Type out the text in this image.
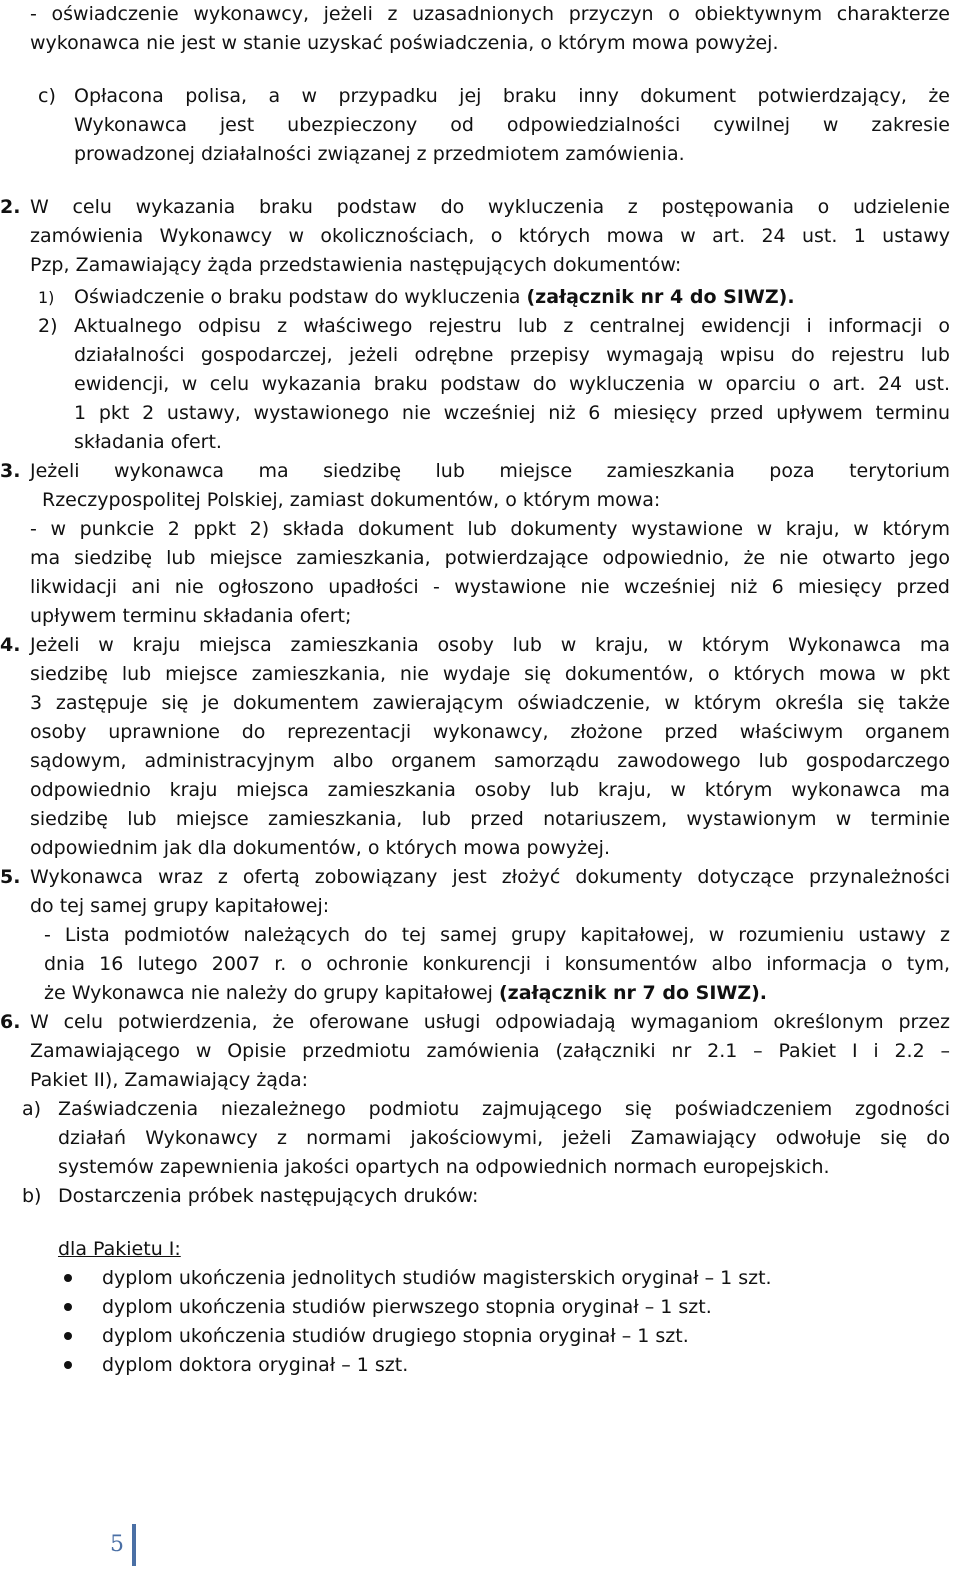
- oświadczenie wykonawcy, jeżeli z uzasadnionych przyczyn o obiektywnym charakterze
wykonawca nie jest w stanie uzyskać poświadczenia, o którym mowa powyżej.
c) Opłacona polisa, a w przypadku jej braku inny dokument potwierdzający, że
Wykonawca jest ubezpieczony od odpowiedzialności cywilnej w zakresie
prowadzonej działalności związanej z przedmiotem zamówienia.
2. W celu wykazania braku podstaw do wykluczenia z postępowania o udzielenie
zamówienia Wykonawcy w okolicznościach, o których mowa w art. 24 ust. 1 ustawy
Pzp, Zamawiający żąda przedstawienia następujących dokumentów:
1) Oświadczenie o braku podstaw do wykluczenia (załącznik nr 4 do SIWZ).
2) Aktualnego odpisu z właściwego rejestru lub z centralnej ewidencji i informacji o
działalności gospodarczej, jeżeli odrębne przepisy wymagają wpisu do rejestru lub
ewidencji, w celu wykazania braku podstaw do wykluczenia w oparciu o art. 24 ust.
1 pkt 2 ustawy, wystawionego nie wcześniej niż 6 miesięcy przed upływem terminu
składania ofert.
3. Jeżeli wykonawca ma siedzibę lub miejsce zamieszkania poza terytorium
Rzeczypospolitej Polskiej, zamiast dokumentów, o którym mowa:
- w punkcie 2 ppkt 2) składa dokument lub dokumenty wystawione w kraju, w którym
ma siedzibę lub miejsce zamieszkania, potwierdzające odpowiednio, że nie otwarto jego
likwidacji ani nie ogłoszono upadłości - wystawione nie wcześniej niż 6 miesięcy przed
upływem terminu składania ofert;
4. Jeżeli w kraju miejsca zamieszkania osoby lub w kraju, w którym Wykonawca ma
siedzibę lub miejsce zamieszkania, nie wydaje się dokumentów, o których mowa w pkt
3 zastępuje się je dokumentem zawierającym oświadczenie, w którym określa się także
osoby uprawnione do reprezentacji wykonawcy, złożone przed właściwym organem
sądowym, administracyjnym albo organem samorządu zawodowego lub gospodarczego
odpowiednio kraju miejsca zamieszkania osoby lub kraju, w którym wykonawca ma
siedzibę lub miejsce zamieszkania, lub przed notariuszem, wystawionym w terminie
odpowiednim jak dla dokumentów, o których mowa powyżej.
5. Wykonawca wraz z ofertą zobowiązany jest złożyć dokumenty dotyczące przynależności
do tej samej grupy kapitałowej:
- Lista podmiotów należących do tej samej grupy kapitałowej, w rozumieniu ustawy z
dnia 16 lutego 2007 r. o ochronie konkurencji i konsumentów albo informacja o tym,
że Wykonawca nie należy do grupy kapitałowej (załącznik nr 7 do SIWZ).
6. W celu potwierdzenia, że oferowane usługi odpowiadają wymaganiom określonym przez
Zamawiającego w Opisie przedmiotu zamówienia (załączniki nr 2.1 – Pakiet I i 2.2 –
Pakiet II), Zamawiający żąda:
a) Zaświadczenia niezależnego podmiotu zajmującego się poświadczeniem zgodności
działań Wykonawcy z normami jakościowymi, jeżeli Zamawiający odwołuje się do
systemów zapewnienia jakości opartych na odpowiednich normach europejskich.
b) Dostarczenia próbek następujących druków:
dla Pakietu I:
dyplom ukończenia jednolitych studiów magisterskich oryginał – 1 szt.
dyplom ukończenia studiów pierwszego stopnia oryginał – 1 szt.
dyplom ukończenia studiów drugiego stopnia oryginał – 1 szt.
dyplom doktora oryginał – 1 szt.
5
